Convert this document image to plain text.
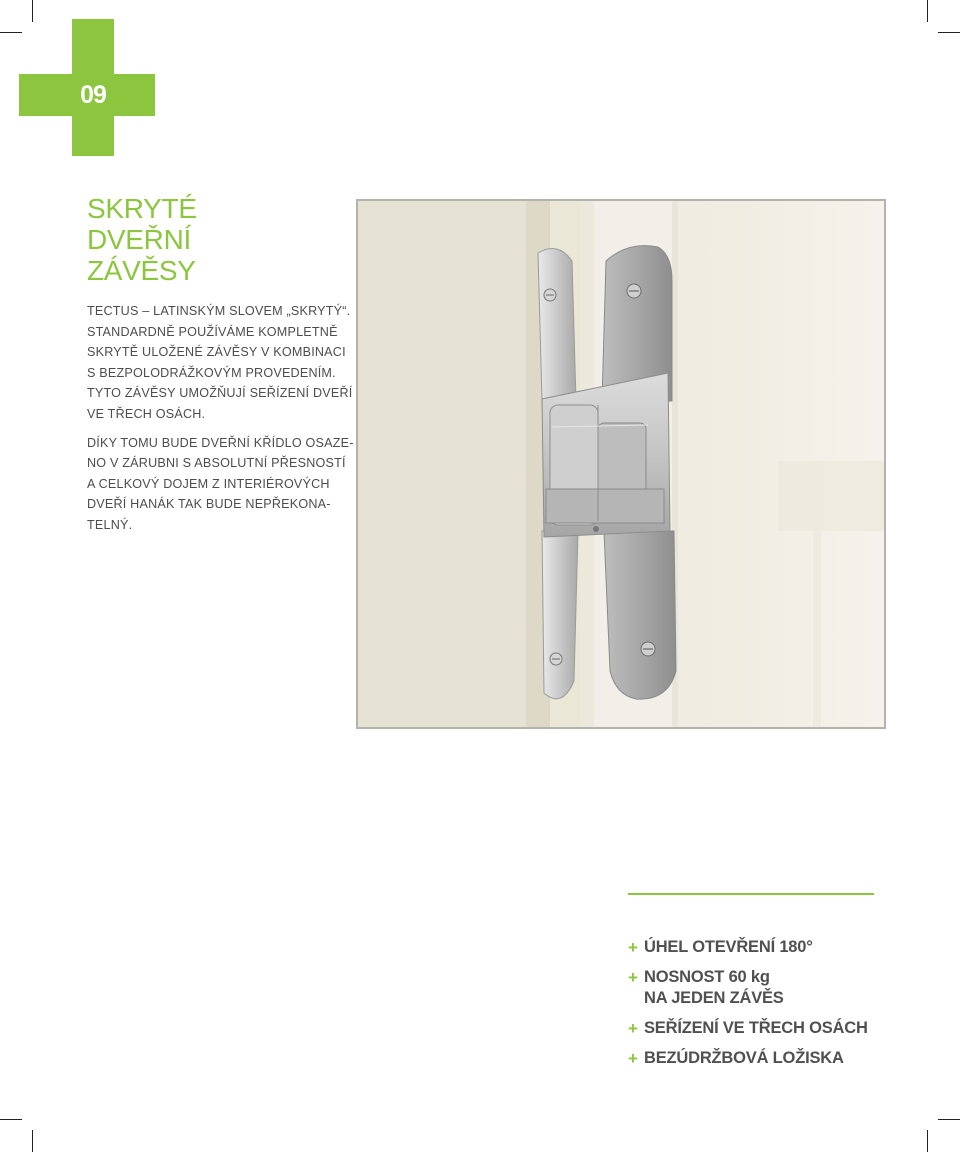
09
SKRYTÉ
DVEŘNÍ
ZÁVĚSY
TECTUS – LATINSKÝM SLOVEM „SKRYTÝ“.
STANDARDNĚ POUŽÍVÁME KOMPLETNĚ
SKRYTĚ ULOŽENÉ ZÁVĚSY V KOMBINACI
S BEZPOLODRÁŽKOVÝM PROVEDENÍM.
TYTO ZÁVĚSY UMOŽŇUJÍ SEŘÍZENÍ DVEŘÍ
VE TŘECH OSÁCH.
DÍKY TOMU BUDE DVEŘNÍ KŘÍDLO OSAZE-
NO V ZÁRUBNI S ABSOLUTNÍ PŘESNOSTÍ
A CELKOVÝ DOJEM Z INTERIÉROVÝCH
DVEŘÍ HANÁK TAK BUDE NEPŘEKONA-
TELNÝ.
+ ÚHEL OTEVŘENÍ 180°
+ NOSNOST 60 kg
NA JEDEN ZÁVĚS
+ SEŘÍZENÍ VE TŘECH OSÁCH
+ BEZÚDRŽBOVÁ LOŽISKA
